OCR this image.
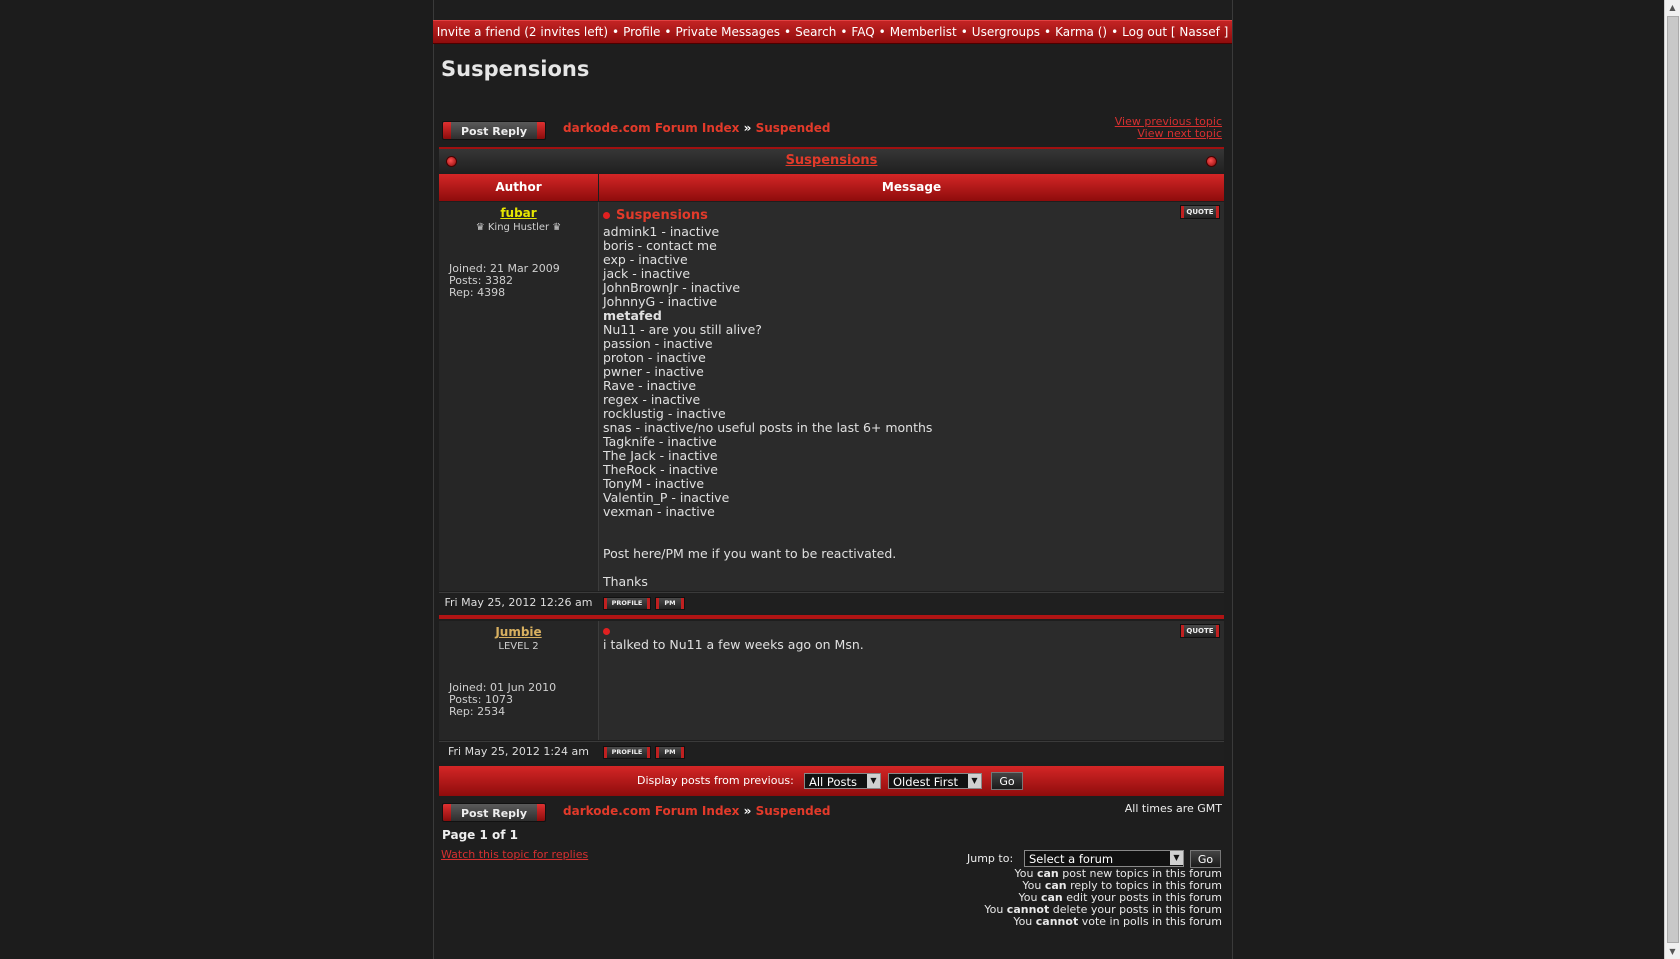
Invite a friend (2 invites left) • Profile • Private Messages • Search • FAQ • Memberlist • Usergroups • Karma () • Log out [ Nassef ]
Suspensions
Post Reply	darkode.com Forum Index » Suspended	View previous topic
View next topic
Suspensions
Author	Message
fubar
♛ King Hustler ♛
Joined: 21 Mar 2009
Posts: 3382
Rep: 4398
QUOTE
Suspensions
admink1 - inactive
boris - contact me
exp - inactive
jack - inactive
JohnBrownJr - inactive
JohnnyG - inactive
metafed
Nu11 - are you still alive?
passion - inactive
proton - inactive
pwner - inactive
Rave - inactive
regex - inactive
rocklustig - inactive
snas - inactive/no useful posts in the last 6+ months
Tagknife - inactive
The Jack - inactive
TheRock - inactive
TonyM - inactive
Valentin_P - inactive
vexman - inactive
Post here/PM me if you want to be reactivated.
Thanks
Fri May 25, 2012 12:26 am	PROFILE	PM
Jumbie
LEVEL 2
Joined: 01 Jun 2010
Posts: 1073
Rep: 2534
QUOTE
i talked to Nu11 a few weeks ago on Msn.
Fri May 25, 2012 1:24 am	PROFILE	PM
Display posts from previous:	All Posts	▼	Oldest First	▼	Go
Post Reply	darkode.com Forum Index » Suspended	All times are GMT
Page 1 of 1
Watch this topic for replies	Jump to:	Select a forum	▼	Go
You can post new topics in this forum
You can reply to topics in this forum
You can edit your posts in this forum
You cannot delete your posts in this forum
You cannot vote in polls in this forum
▲
▼
